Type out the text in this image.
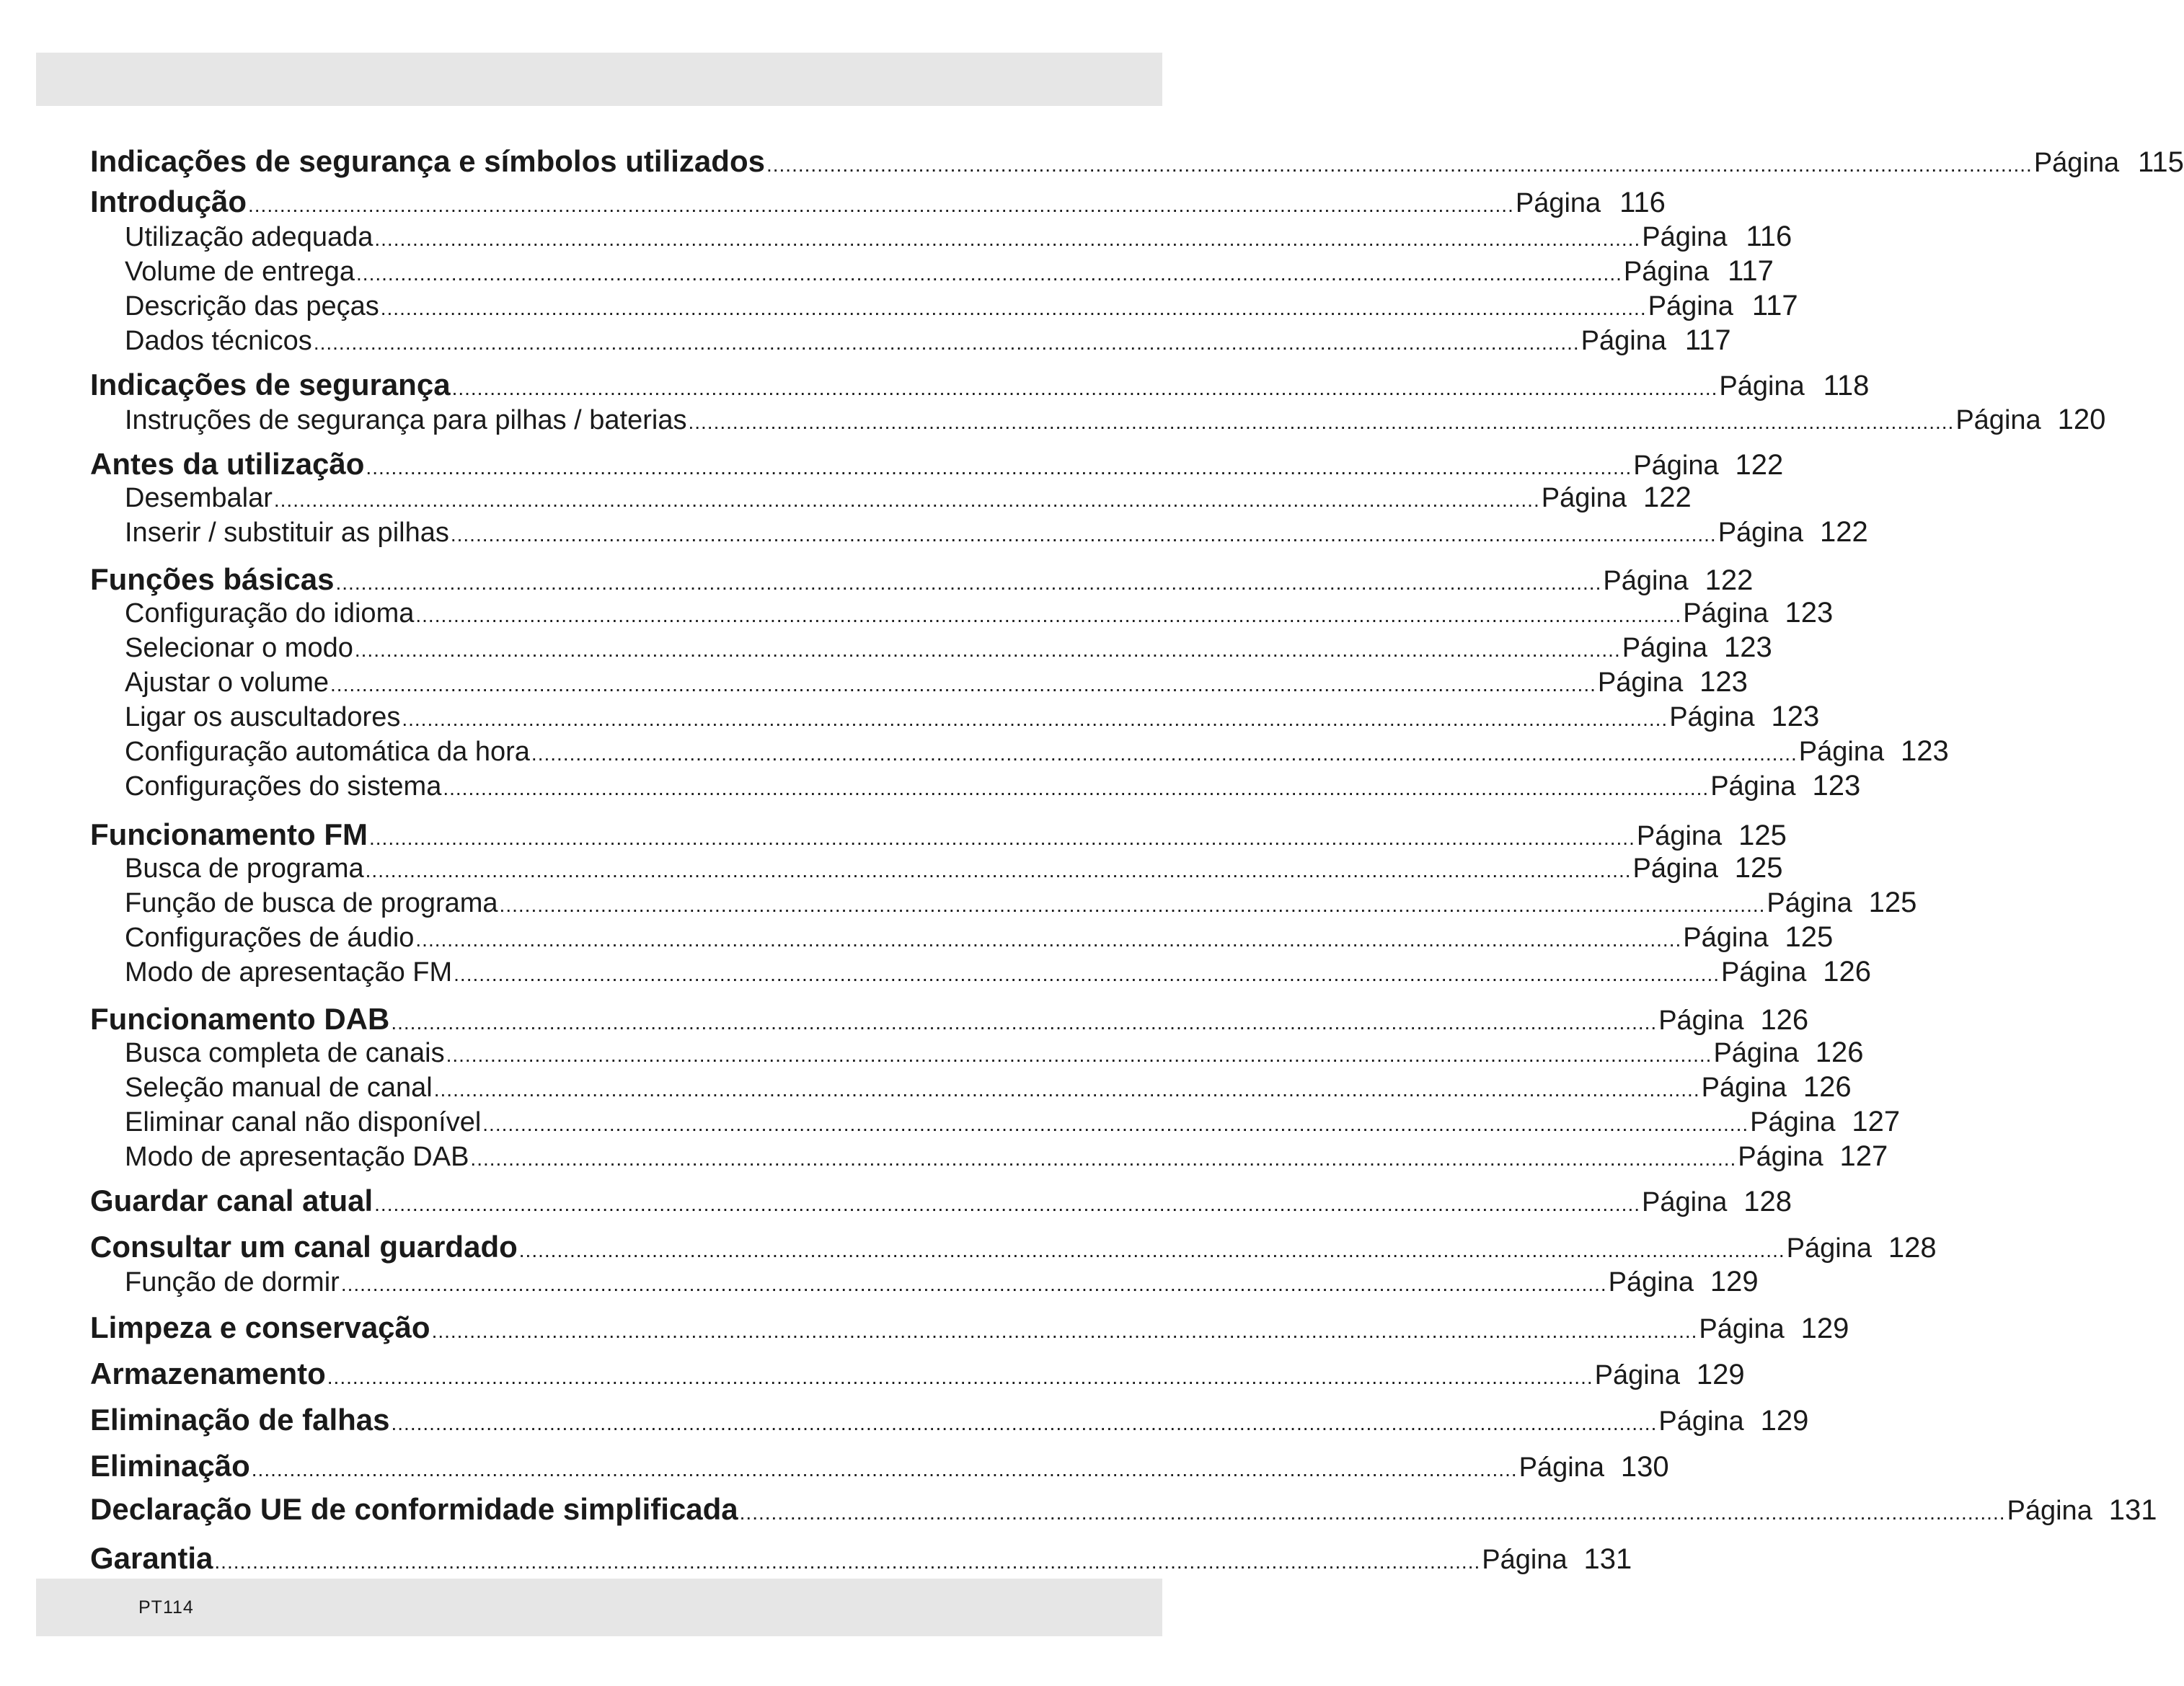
Indicações de segurança e símbolos utilizados ........................................................................................................................................................................................................ Página 115
Introdução ........................................................................................................................................................................................................ Página 116
Utilização adequada ........................................................................................................................................................................................................ Página 116
Volume de entrega ........................................................................................................................................................................................................ Página 117
Descrição das peças ........................................................................................................................................................................................................ Página 117
Dados técnicos ........................................................................................................................................................................................................ Página 117
Indicações de segurança ........................................................................................................................................................................................................ Página 118
Instruções de segurança para pilhas / baterias ........................................................................................................................................................................................................ Página 120
Antes da utilização ........................................................................................................................................................................................................ Página 122
Desembalar ........................................................................................................................................................................................................ Página 122
Inserir / substituir as pilhas ........................................................................................................................................................................................................ Página 122
Funções básicas ........................................................................................................................................................................................................ Página 122
Configuração do idioma ........................................................................................................................................................................................................ Página 123
Selecionar o modo ........................................................................................................................................................................................................ Página 123
Ajustar o volume ........................................................................................................................................................................................................ Página 123
Ligar os auscultadores ........................................................................................................................................................................................................ Página 123
Configuração automática da hora ........................................................................................................................................................................................................ Página 123
Configurações do sistema ........................................................................................................................................................................................................ Página 123
Funcionamento FM ........................................................................................................................................................................................................ Página 125
Busca de programa ........................................................................................................................................................................................................ Página 125
Função de busca de programa ........................................................................................................................................................................................................ Página 125
Configurações de áudio ........................................................................................................................................................................................................ Página 125
Modo de apresentação FM ........................................................................................................................................................................................................ Página 126
Funcionamento DAB ........................................................................................................................................................................................................ Página 126
Busca completa de canais ........................................................................................................................................................................................................ Página 126
Seleção manual de canal ........................................................................................................................................................................................................ Página 126
Eliminar canal não disponível ........................................................................................................................................................................................................ Página 127
Modo de apresentação DAB ........................................................................................................................................................................................................ Página 127
Guardar canal atual ........................................................................................................................................................................................................ Página 128
Consultar um canal guardado ........................................................................................................................................................................................................ Página 128
Função de dormir ........................................................................................................................................................................................................ Página 129
Limpeza e conservação ........................................................................................................................................................................................................ Página 129
Armazenamento ........................................................................................................................................................................................................ Página 129
Eliminação de falhas ........................................................................................................................................................................................................ Página 129
Eliminação ........................................................................................................................................................................................................ Página 130
Declaração UE de conformidade simplificada ........................................................................................................................................................................................................ Página 131
Garantia ........................................................................................................................................................................................................ Página 131
PT114
